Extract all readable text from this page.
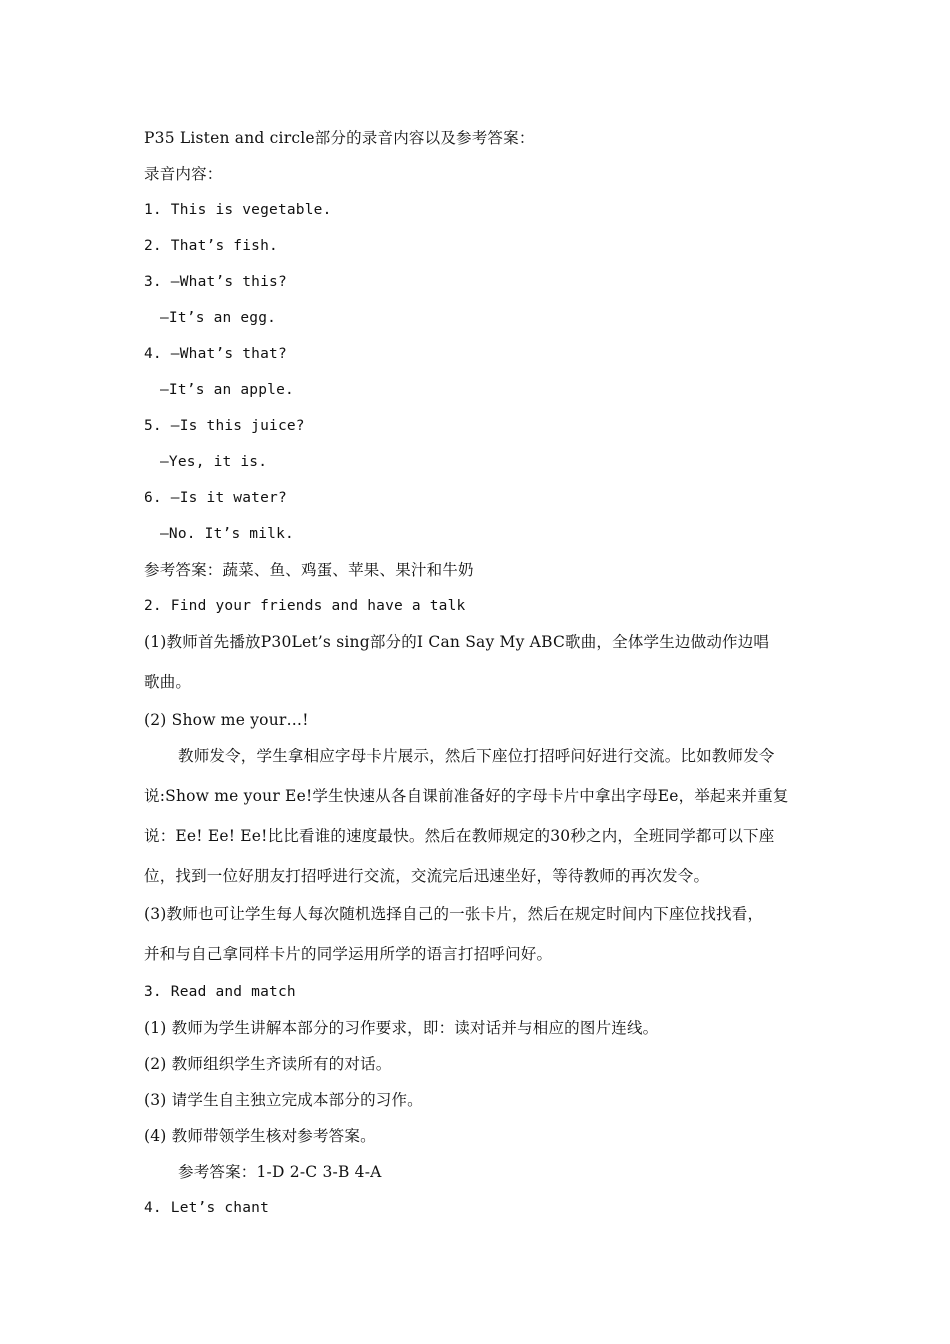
P35 Listen and circle部分的录音内容以及参考答案：
录音内容：
1. This is vegetable.
2. That’s fish.
3. —What’s this?
—It’s an egg.
4. —What’s that?
—It’s an apple.
5. —Is this juice?
—Yes, it is.
6. —Is it water?
—No. It’s milk.
参考答案：蔬菜、鱼、鸡蛋、苹果、果汁和牛奶
2. Find your friends and have a talk
(1)教师首先播放P30Let’s sing部分的I Can Say My ABC歌曲，全体学生边做动作边唱
歌曲。
(2) Show me your…!
教师发令，学生拿相应字母卡片展示，然后下座位打招呼问好进行交流。比如教师发令
说:Show me your Ee!学生快速从各自课前准备好的字母卡片中拿出字母Ee，举起来并重复
说：Ee! Ee! Ee!比比看谁的速度最快。然后在教师规定的30秒之内，全班同学都可以下座
位，找到一位好朋友打招呼进行交流，交流完后迅速坐好，等待教师的再次发令。
(3)教师也可让学生每人每次随机选择自己的一张卡片，然后在规定时间内下座位找找看，
并和与自己拿同样卡片的同学运用所学的语言打招呼问好。
3. Read and match
(1) 教师为学生讲解本部分的习作要求，即：读对话并与相应的图片连线。
(2) 教师组织学生齐读所有的对话。
(3) 请学生自主独立完成本部分的习作。
(4) 教师带领学生核对参考答案。
参考答案：1-D 2-C 3-B 4-A
4. Let’s chant
